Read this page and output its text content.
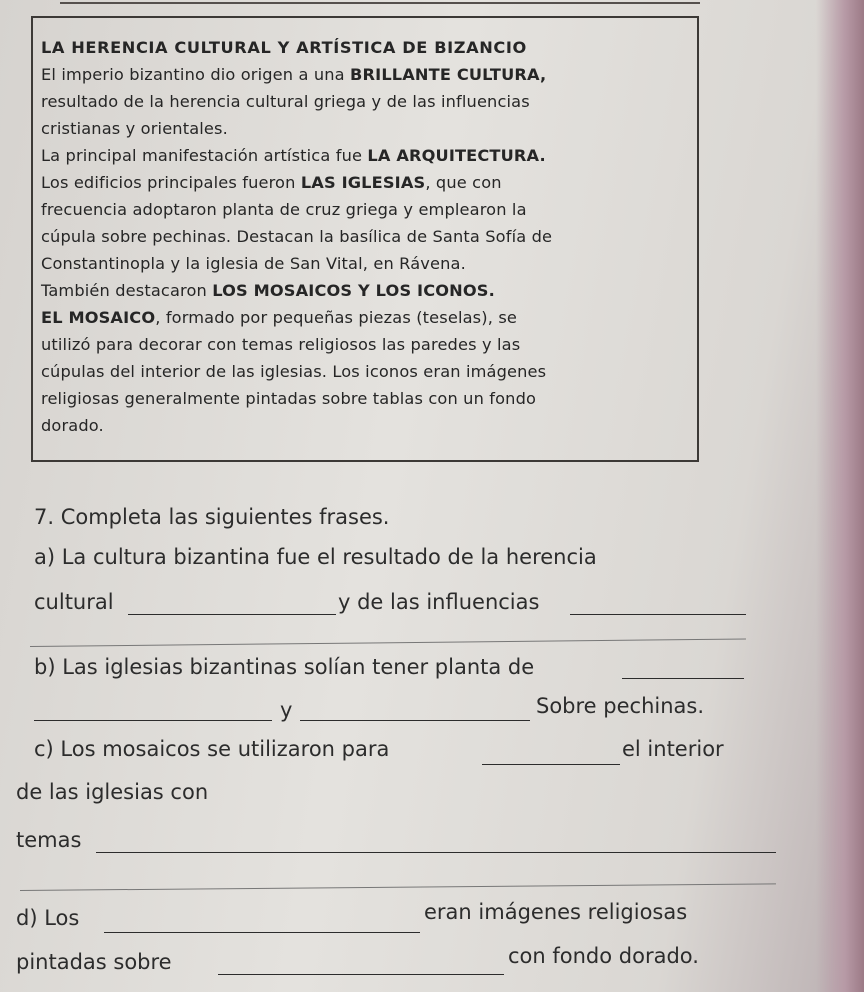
LA HERENCIA CULTURAL Y ARTÍSTICA DE BIZANCIO
El imperio bizantino dio origen a una BRILLANTE CULTURA,
resultado de la herencia cultural griega y de las influencias
cristianas y orientales.
La principal manifestación artística fue LA ARQUITECTURA.
Los edificios principales fueron LAS IGLESIAS, que con
frecuencia adoptaron planta de cruz griega y emplearon la
cúpula sobre pechinas. Destacan la basílica de Santa Sofía de
Constantinopla y la iglesia de San Vital, en Rávena.
También destacaron LOS MOSAICOS Y LOS ICONOS.
EL MOSAICO, formado por pequeñas piezas (teselas), se
utilizó para decorar con temas religiosos las paredes y las
cúpulas del interior de las iglesias. Los iconos eran imágenes
religiosas generalmente pintadas sobre tablas con un fondo
dorado.
7. Completa las siguientes frases.
a) La cultura bizantina fue el resultado de la herencia
cultural	y de las influencias
b) Las iglesias bizantinas solían tener planta de
y	Sobre pechinas.
c) Los mosaicos se utilizaron para	el interior
de las iglesias con
temas
d) Los	eran imágenes religiosas
pintadas sobre	con fondo dorado.
